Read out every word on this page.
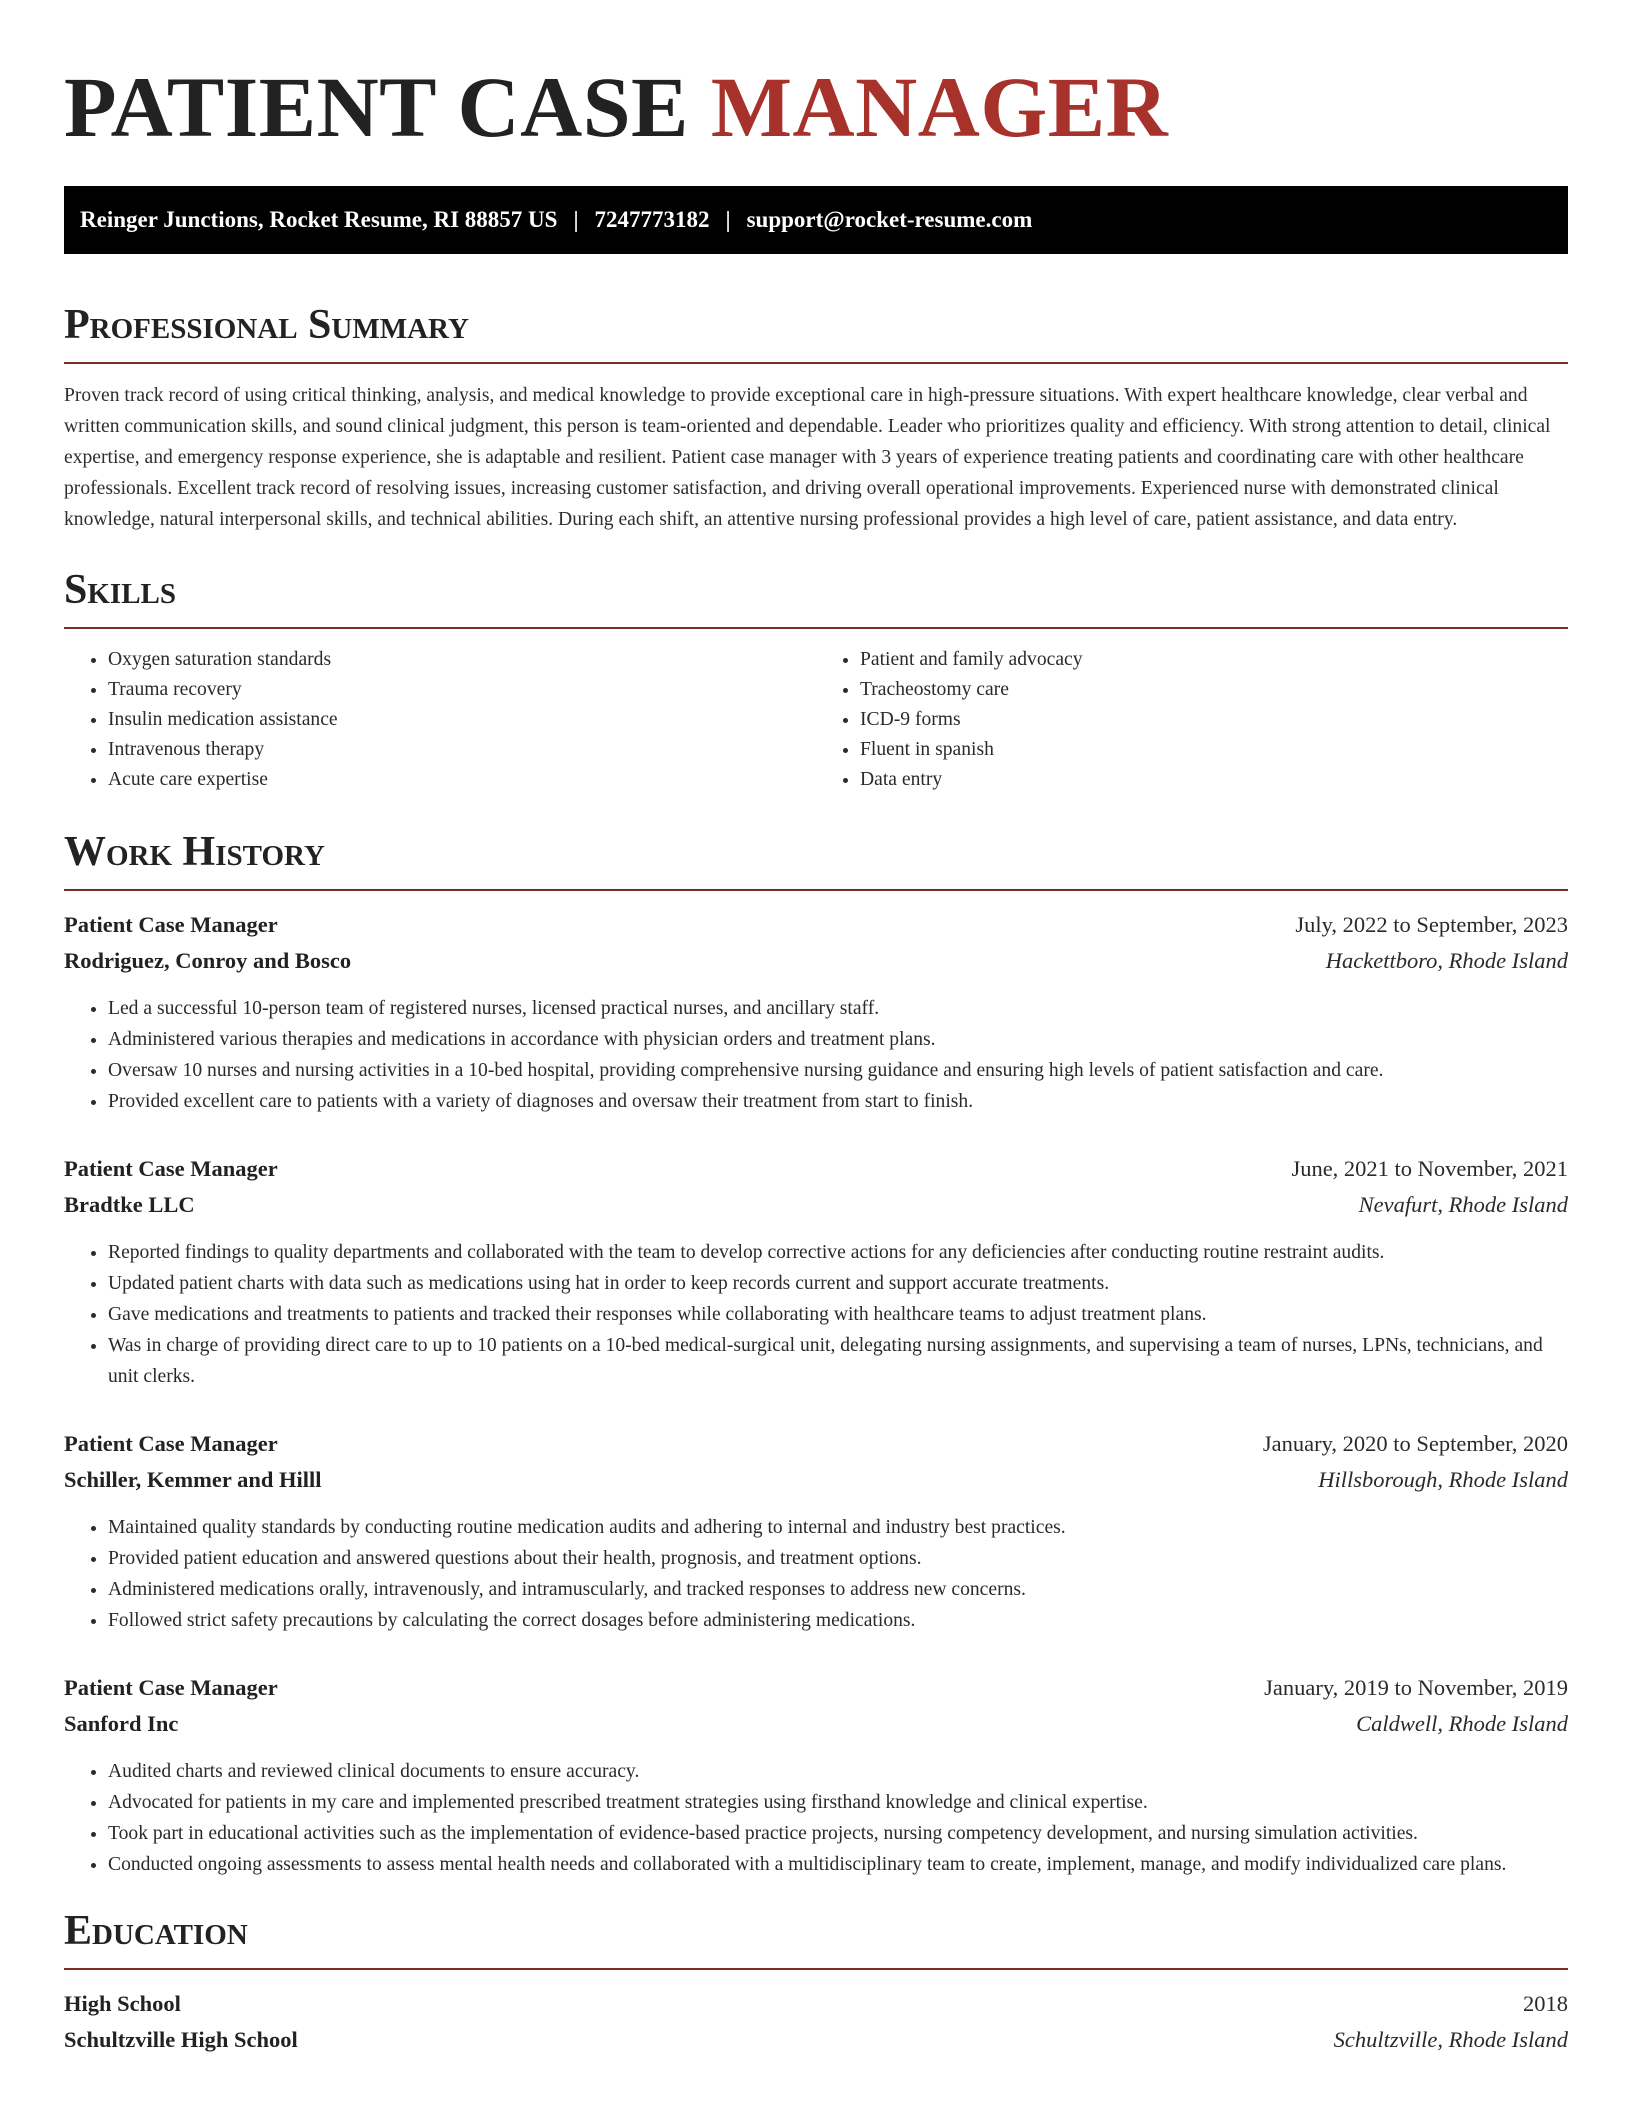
PATIENT CASE MANAGER
Reinger Junctions, Rocket Resume, RI 88857 US | 7247773182 | support@rocket-resume.com
Professional Summary

Proven track record of using critical thinking, analysis, and medical knowledge to provide exceptional care in high-pressure situations. With expert healthcare knowledge, clear verbal and written communication skills, and sound clinical judgment, this person is team-oriented and dependable. Leader who prioritizes quality and efficiency. With strong attention to detail, clinical expertise, and emergency response experience, she is adaptable and resilient. Patient case manager with 3 years of experience treating patients and coordinating care with other healthcare professionals. Excellent track record of resolving issues, increasing customer satisfaction, and driving overall operational improvements. Experienced nurse with demonstrated clinical knowledge, natural interpersonal skills, and technical abilities. During each shift, an attentive nursing professional provides a high level of care, patient assistance, and data entry.

Skills
• Oxygen saturation standards
• Trauma recovery
• Insulin medication assistance
• Intravenous therapy
• Acute care expertise
• Patient and family advocacy
• Tracheostomy care
• ICD-9 forms
• Fluent in spanish
• Data entry
Work History
Patient Case Manager	July, 2022 to September, 2023
Rodriguez, Conroy and Bosco	Hackettboro, Rhode Island
• Led a successful 10-person team of registered nurses, licensed practical nurses, and ancillary staff.
• Administered various therapies and medications in accordance with physician orders and treatment plans.
• Oversaw 10 nurses and nursing activities in a 10-bed hospital, providing comprehensive nursing guidance and ensuring high levels of patient satisfaction and care.
• Provided excellent care to patients with a variety of diagnoses and oversaw their treatment from start to finish.
Patient Case Manager	June, 2021 to November, 2021
Bradtke LLC	Nevafurt, Rhode Island
• Reported findings to quality departments and collaborated with the team to develop corrective actions for any deficiencies after conducting routine restraint audits.
• Updated patient charts with data such as medications using hat in order to keep records current and support accurate treatments.
• Gave medications and treatments to patients and tracked their responses while collaborating with healthcare teams to adjust treatment plans.
• Was in charge of providing direct care to up to 10 patients on a 10-bed medical-surgical unit, delegating nursing assignments, and supervising a team of nurses, LPNs, technicians, and unit clerks.
Patient Case Manager	January, 2020 to September, 2020
Schiller, Kemmer and Hilll	Hillsborough, Rhode Island
• Maintained quality standards by conducting routine medication audits and adhering to internal and industry best practices.
• Provided patient education and answered questions about their health, prognosis, and treatment options.
• Administered medications orally, intravenously, and intramuscularly, and tracked responses to address new concerns.
• Followed strict safety precautions by calculating the correct dosages before administering medications.
Patient Case Manager	January, 2019 to November, 2019
Sanford Inc	Caldwell, Rhode Island
• Audited charts and reviewed clinical documents to ensure accuracy.
• Advocated for patients in my care and implemented prescribed treatment strategies using firsthand knowledge and clinical expertise.
• Took part in educational activities such as the implementation of evidence-based practice projects, nursing competency development, and nursing simulation activities.
• Conducted ongoing assessments to assess mental health needs and collaborated with a multidisciplinary team to create, implement, manage, and modify individualized care plans.
Education
High School	2018
Schultzville High School	Schultzville, Rhode Island
